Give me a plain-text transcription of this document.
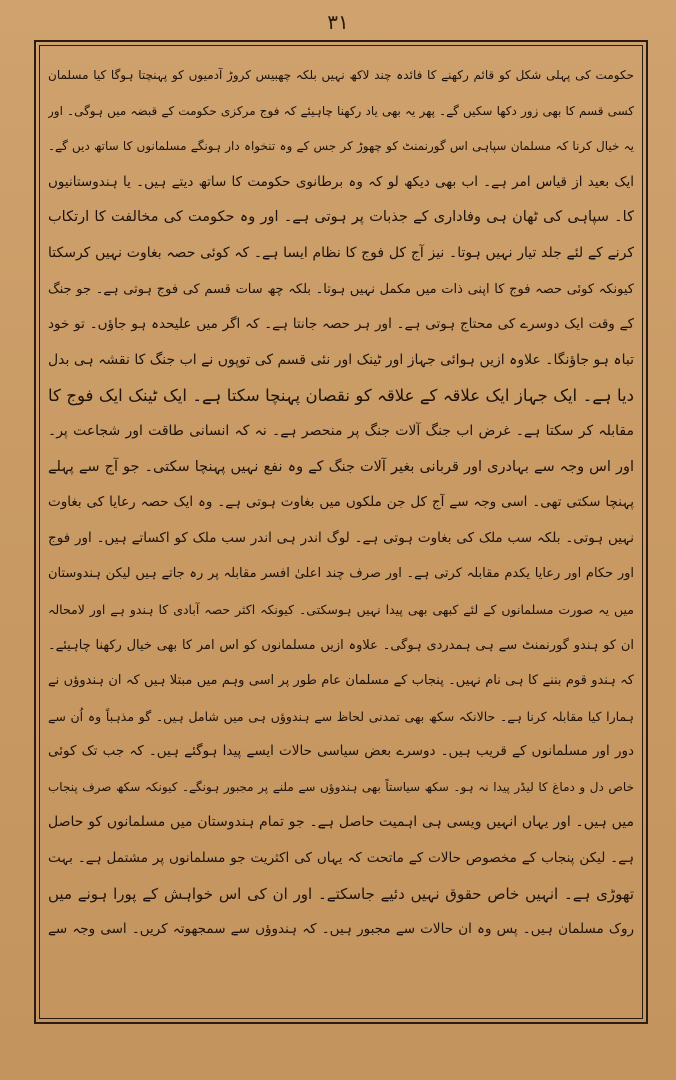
۳۱
حکومت کی پہلی شکل کو قائم رکھنے کا فائدہ چند لاکھ نہیں بلکہ چھبیس کروڑ آدمیوں کو پہنچتا ہوگا کیا مسلمان
کسی قسم کا بھی زور دکھا سکیں گے۔ پھر یہ بھی یاد رکھنا چاہیئے کہ فوج مرکزی حکومت کے قبضہ میں ہوگی۔ اور
یہ خیال کرنا کہ مسلمان سپاہی اس گورنمنٹ کو چھوڑ کر جس کے وہ تنخواہ دار ہونگے مسلمانوں کا ساتھ دیں گے۔
ایک بعید از قیاس امر ہے۔ اب بھی دیکھ لو کہ وہ برطانوی حکومت کا ساتھ دیتے ہیں۔ یا ہندوستانیوں
کا۔ سپاہی کی ٹھان ہی وفاداری کے جذبات پر ہوتی ہے۔ اور وہ حکومت کی مخالفت کا ارتکاب
کرنے کے لئے جلد تیار نہیں ہوتا۔ نیز آج کل فوج کا نظام ایسا ہے۔ کہ کوئی حصہ بغاوت نہیں کرسکتا
کیونکہ کوئی حصہ فوج کا اپنی ذات میں مکمل نہیں ہوتا۔ بلکہ چھ سات قسم کی فوج ہوتی ہے۔ جو جنگ
کے وقت ایک دوسرے کی محتاج ہوتی ہے۔ اور ہر حصہ جانتا ہے۔ کہ اگر میں علیحدہ ہو جاؤں۔ تو خود
تباہ ہو جاؤنگا۔ علاوہ ازیں ہوائی جہاز اور ٹینک اور نئی قسم کی توپوں نے اب جنگ کا نقشہ ہی بدل
دیا ہے۔ ایک جہاز ایک علاقہ کے علاقہ کو نقصان پہنچا سکتا ہے۔ ایک ٹینک ایک فوج کا
مقابلہ کر سکتا ہے۔ غرض اب جنگ آلات جنگ پر منحصر ہے۔ نہ کہ انسانی طاقت اور شجاعت پر۔
اور اس وجہ سے بہادری اور قربانی بغیر آلات جنگ کے وہ نفع نہیں پہنچا سکتی۔ جو آج سے پہلے
پہنچا سکتی تھی۔ اسی وجہ سے آج کل جن ملکوں میں بغاوت ہوتی ہے۔ وہ ایک حصہ رعایا کی بغاوت
نہیں ہوتی۔ بلکہ سب ملک کی بغاوت ہوتی ہے۔ لوگ اندر ہی اندر سب ملک کو اکساتے ہیں۔ اور فوج
اور حکام اور رعایا یکدم مقابلہ کرتی ہے۔ اور صرف چند اعلیٰ افسر مقابلہ پر رہ جاتے ہیں لیکن ہندوستان
میں یہ صورت مسلمانوں کے لئے کبھی بھی پیدا نہیں ہوسکتی۔ کیونکہ اکثر حصہ آبادی کا ہندو ہے اور لامحالہ
ان کو ہندو گورنمنٹ سے ہی ہمدردی ہوگی۔ علاوہ ازیں مسلمانوں کو اس امر کا بھی خیال رکھنا چاہیئے۔
کہ ہندو قوم بننے کا ہی نام نہیں۔ پنجاب کے مسلمان عام طور پر اسی وہم میں مبتلا ہیں کہ ان ہندوؤں نے
ہمارا کیا مقابلہ کرنا ہے۔ حالانکہ سکھ بھی تمدنی لحاظ سے ہندوؤں ہی میں شامل ہیں۔ گو مذہباً وہ اُن سے
دور اور مسلمانوں کے قریب ہیں۔ دوسرے بعض سیاسی حالات ایسے پیدا ہوگئے ہیں۔ کہ جب تک کوئی
خاص دل و دماغ کا لیڈر پیدا نہ ہو۔ سکھ سیاستاً بھی ہندوؤں سے ملنے پر مجبور ہونگے۔ کیونکہ سکھ صرف پنجاب
میں ہیں۔ اور یہاں انہیں ویسی ہی اہمیت حاصل ہے۔ جو تمام ہندوستان میں مسلمانوں کو حاصل
ہے۔ لیکن پنجاب کے مخصوص حالات کے ماتحت کہ یہاں کی اکثریت جو مسلمانوں پر مشتمل ہے۔ بہت
تھوڑی ہے۔ انہیں خاص حقوق نہیں دئیے جاسکتے۔ اور ان کی اس خواہش کے پورا ہونے میں
روک مسلمان ہیں۔ پس وہ ان حالات سے مجبور ہیں۔ کہ ہندوؤں سے سمجھوتہ کریں۔ اسی وجہ سے
